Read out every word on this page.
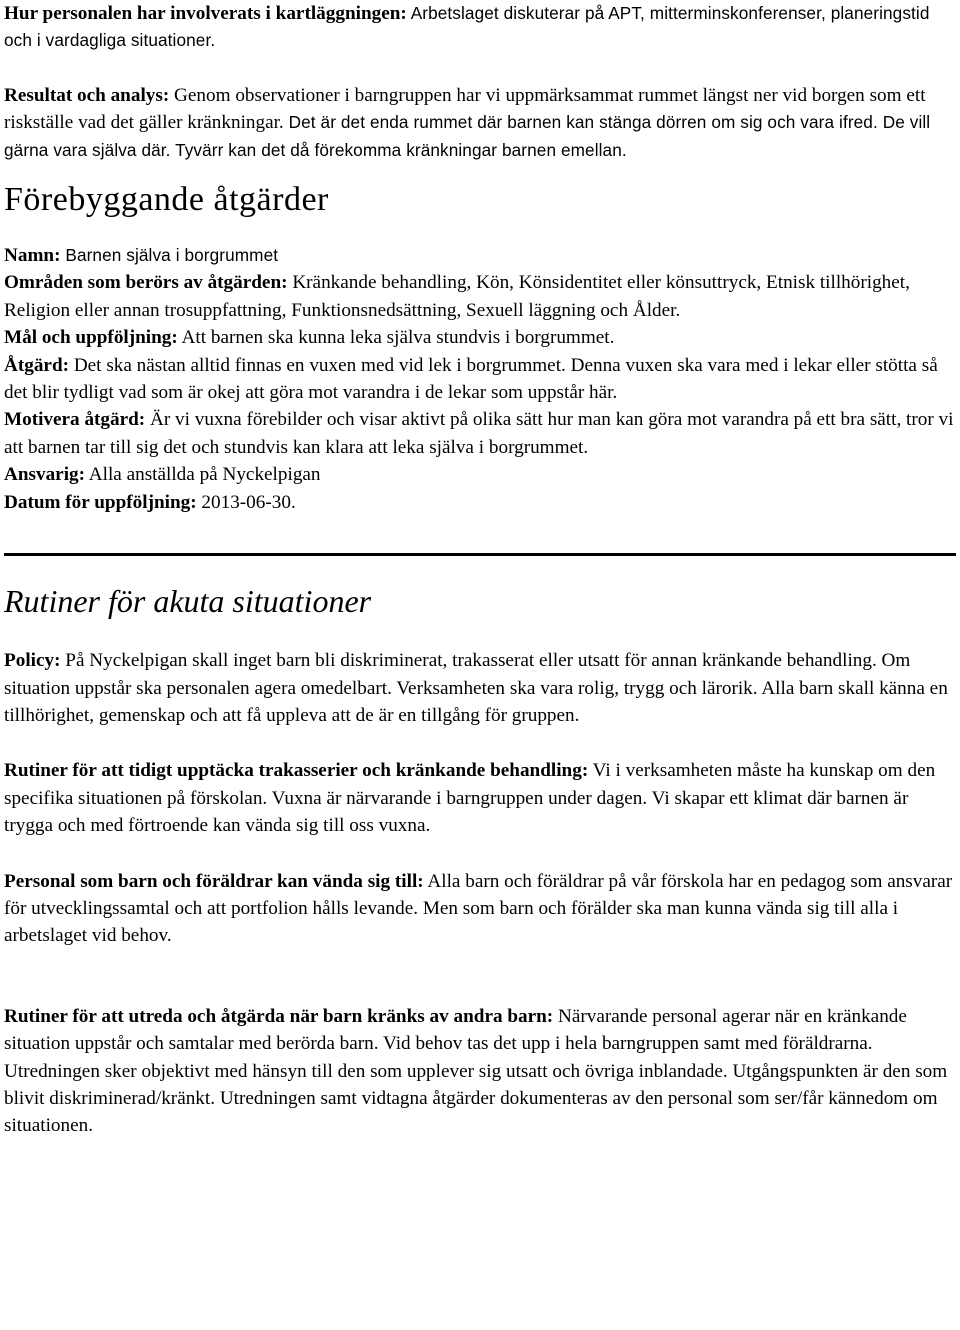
Hur personalen har involverats i kartläggningen: Arbetslaget diskuterar på APT, mitterminskonferenser, planeringstid och i vardagliga situationer.

Resultat och analys: Genom observationer i barngruppen har vi uppmärksammat rummet längst ner vid borgen som ett riskställe vad det gäller kränkningar. Det är det enda rummet där barnen kan stänga dörren om sig och vara ifred. De vill gärna vara själva där. Tyvärr kan det då förekomma kränkningar barnen emellan.

Förebyggande åtgärder

Namn: Barnen själva i borgrummet

Områden som berörs av åtgärden: Kränkande behandling, Kön, Könsidentitet eller könsuttryck, Etnisk tillhörighet, Religion eller annan trosuppfattning, Funktionsnedsättning, Sexuell läggning och Ålder.

Mål och uppföljning: Att barnen ska kunna leka själva stundvis i borgrummet.

Åtgärd: Det ska nästan alltid finnas en vuxen med vid lek i borgrummet. Denna vuxen ska vara med i lekar eller stötta så det blir tydligt vad som är okej att göra mot varandra i de lekar som uppstår här.

Motivera åtgärd: Är vi vuxna förebilder och visar aktivt på olika sätt hur man kan göra mot varandra på ett bra sätt, tror vi att barnen tar till sig det och stundvis kan klara att leka själva i borgrummet.

Ansvarig: Alla anställda på Nyckelpigan

Datum för uppföljning: 2013-06-30.

Rutiner för akuta situationer

Policy: På Nyckelpigan skall inget barn bli diskriminerat, trakasserat eller utsatt för annan kränkande behandling. Om situation uppstår ska personalen agera omedelbart. Verksamheten ska vara rolig, trygg och lärorik. Alla barn skall känna en tillhörighet, gemenskap och att få uppleva att de är en tillgång för gruppen.

Rutiner för att tidigt upptäcka trakasserier och kränkande behandling: Vi i verksamheten måste ha kunskap om den specifika situationen på förskolan. Vuxna är närvarande i barngruppen under dagen. Vi skapar ett klimat där barnen är trygga och med förtroende kan vända sig till oss vuxna.

Personal som barn och föräldrar kan vända sig till: Alla barn och föräldrar på vår förskola har en pedagog som ansvarar för utvecklingssamtal och att portfolion hålls levande. Men som barn och förälder ska man kunna vända sig till alla i arbetslaget vid behov.

Rutiner för att utreda och åtgärda när barn kränks av andra barn: Närvarande personal agerar när en kränkande situation uppstår och samtalar med berörda barn. Vid behov tas det upp i hela barngruppen samt med föräldrarna. Utredningen sker objektivt med hänsyn till den som upplever sig utsatt och övriga inblandade. Utgångspunkten är den som blivit diskriminerad/kränkt. Utredningen samt vidtagna åtgärder dokumenteras av den personal som ser/får kännedom om situationen.
